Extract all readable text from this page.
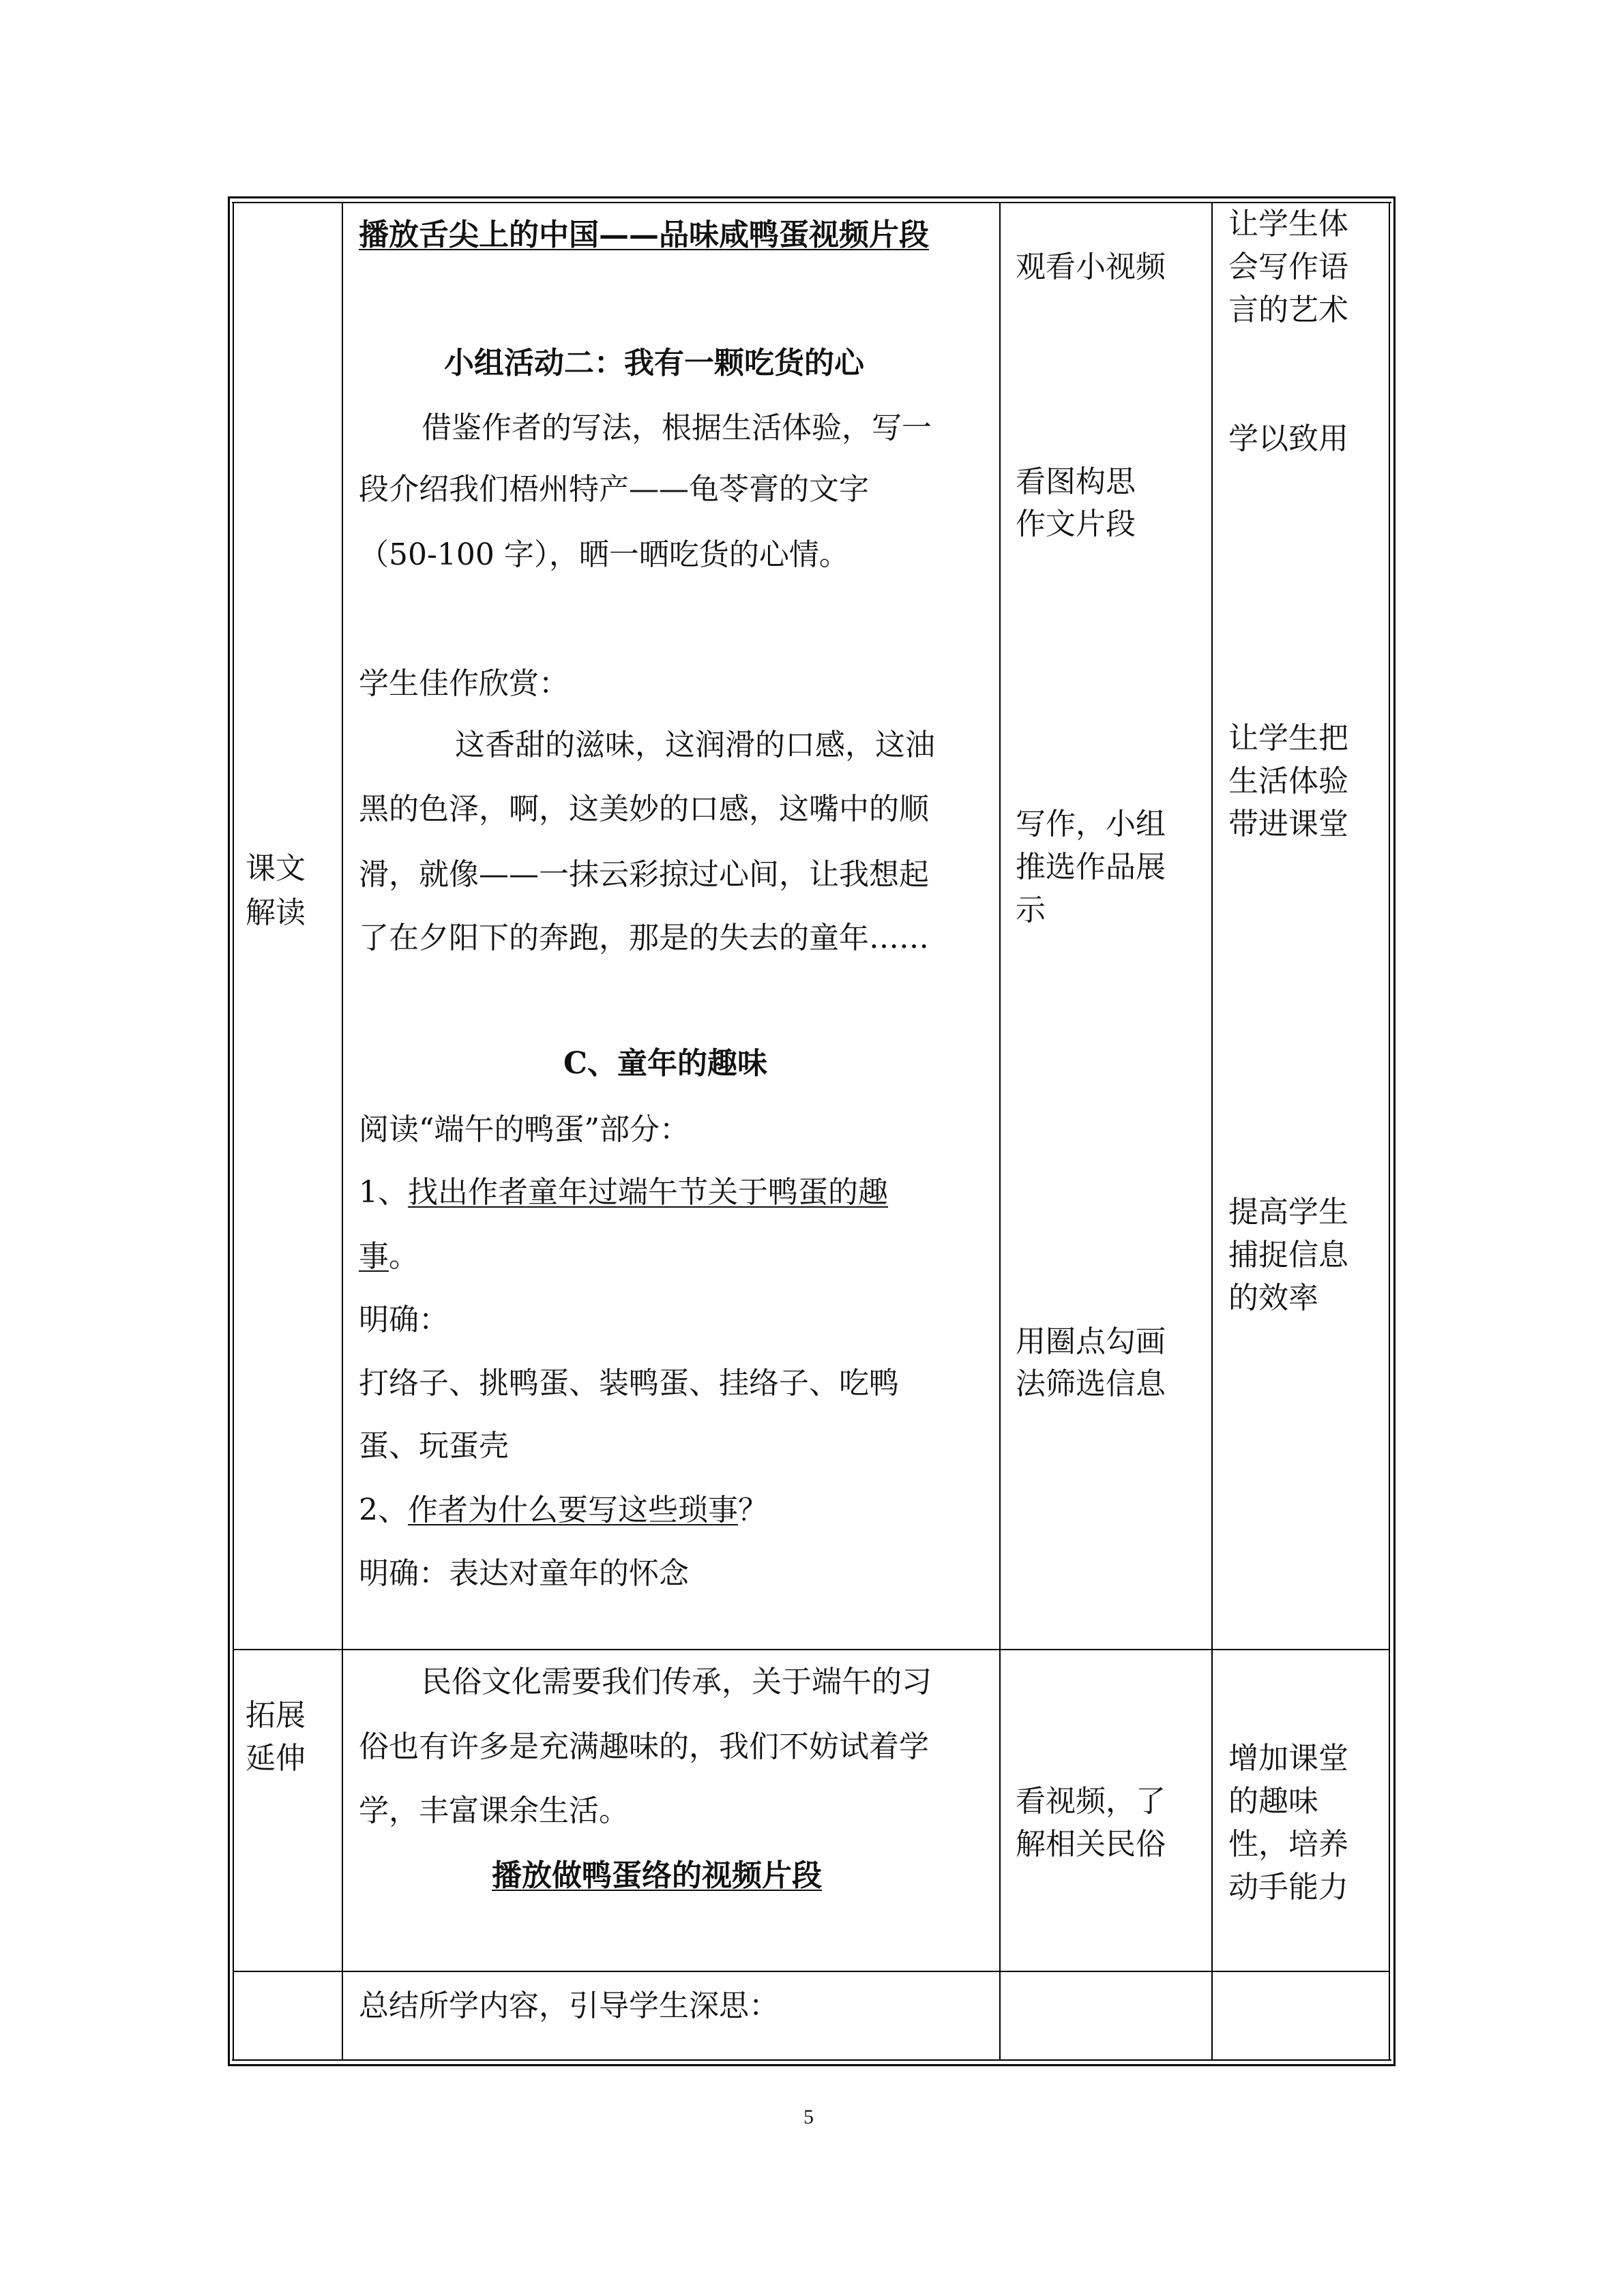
课文
解读
播放舌尖上的中国——品味咸鸭蛋视频片段
小组活动二：我有一颗吃货的心
借鉴作者的写法，根据生活体验，写一
段介绍我们梧州特产——龟苓膏的文字
（50-100 字），晒一晒吃货的心情。
学生佳作欣赏：
这香甜的滋味，这润滑的口感，这油
黑的色泽，啊，这美妙的口感，这嘴中的顺
滑，就像——一抹云彩掠过心间，让我想起
了在夕阳下的奔跑，那是的失去的童年……
C、童年的趣味
阅读“端午的鸭蛋”部分：
1、找出作者童年过端午节关于鸭蛋的趣
事。
明确：
打络子、挑鸭蛋、装鸭蛋、挂络子、吃鸭
蛋、玩蛋壳
2、作者为什么要写这些琐事？
明确：表达对童年的怀念
观看小视频
看图构思
作文片段
写作，小组
推选作品展
示
用圈点勾画
法筛选信息
让学生体
会写作语
言的艺术
学以致用
让学生把
生活体验
带进课堂
提高学生
捕捉信息
的效率
拓展
延伸
民俗文化需要我们传承，关于端午的习
俗也有许多是充满趣味的，我们不妨试着学
学，丰富课余生活。
播放做鸭蛋络的视频片段
看视频，了
解相关民俗
增加课堂
的趣味
性，培养
动手能力
总结所学内容，引导学生深思：
5
